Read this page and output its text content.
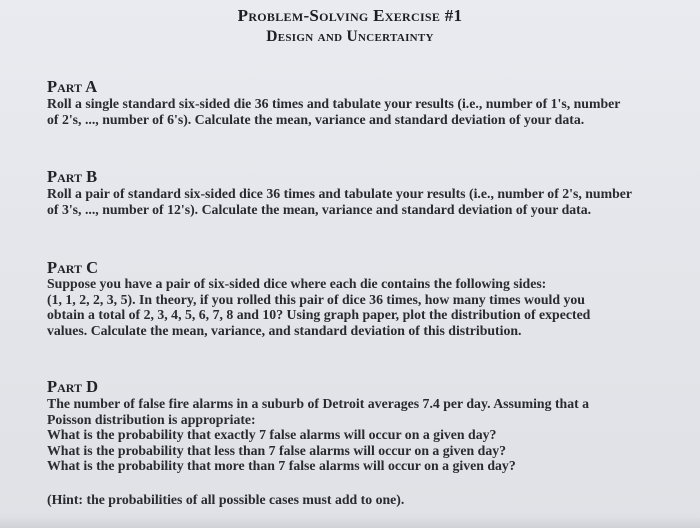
Problem-Solving Exercise #1
Design and Uncertainty
Part A
Roll a single standard six-sided die 36 times and tabulate your results (i.e., number of 1's, number
of 2's, ..., number of 6's). Calculate the mean, variance and standard deviation of your data.
Part B
Roll a pair of standard six-sided dice 36 times and tabulate your results (i.e., number of 2's, number
of 3's, ..., number of 12's). Calculate the mean, variance and standard deviation of your data.
Part C
Suppose you have a pair of six-sided dice where each die contains the following sides:
(1, 1, 2, 2, 3, 5). In theory, if you rolled this pair of dice 36 times, how many times would you
obtain a total of 2, 3, 4, 5, 6, 7, 8 and 10? Using graph paper, plot the distribution of expected
values. Calculate the mean, variance, and standard deviation of this distribution.
Part D
The number of false fire alarms in a suburb of Detroit averages 7.4 per day. Assuming that a
Poisson distribution is appropriate:
What is the probability that exactly 7 false alarms will occur on a given day?
What is the probability that less than 7 false alarms will occur on a given day?
What is the probability that more than 7 false alarms will occur on a given day?
(Hint: the probabilities of all possible cases must add to one).
